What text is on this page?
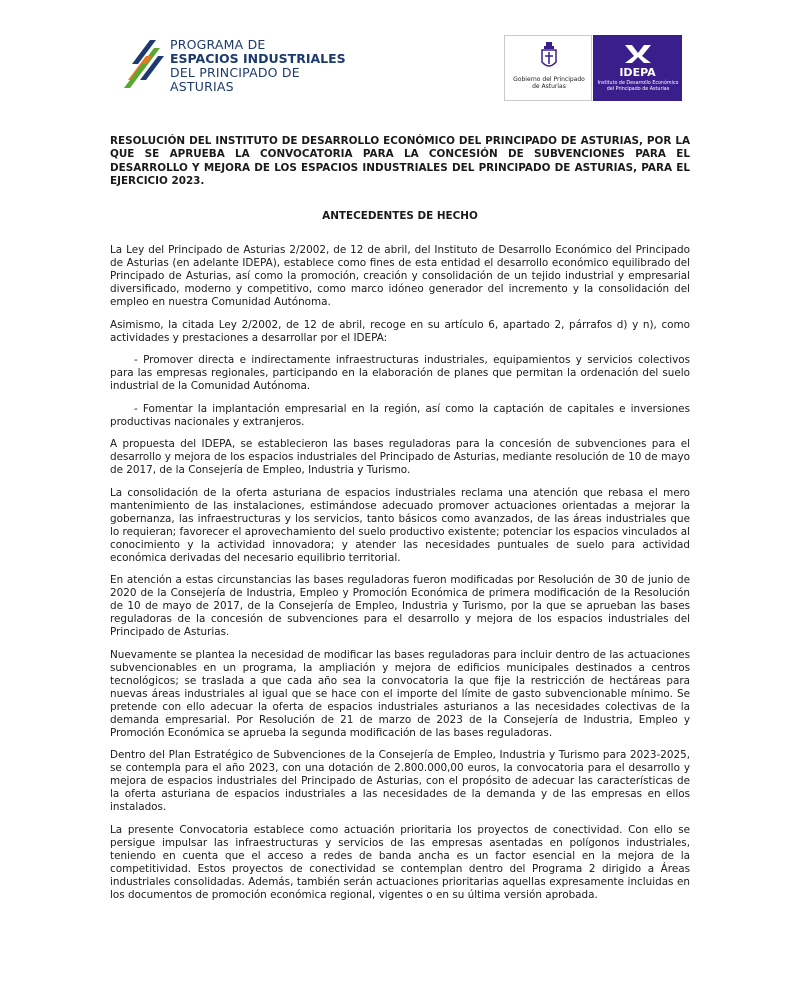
PROGRAMA DE
ESPACIOS INDUSTRIALES
DEL PRINCIPADO DE ASTURIAS	Gobierno del Principado de Asturias
IDEPA
Instituto de Desarrollo Económico del Principado de Asturias

RESOLUCIÓN DEL INSTITUTO DE DESARROLLO ECONÓMICO DEL PRINCIPADO DE ASTURIAS, POR LA QUE SE APRUEBA LA CONVOCATORIA PARA LA CONCESIÓN DE SUBVENCIONES PARA EL DESARROLLO Y MEJORA DE LOS ESPACIOS INDUSTRIALES DEL PRINCIPADO DE ASTURIAS, PARA EL EJERCICIO 2023.

ANTECEDENTES DE HECHO

La Ley del Principado de Asturias 2/2002, de 12 de abril, del Instituto de Desarrollo Económico del Principado de Asturias (en adelante IDEPA), establece como fines de esta entidad el desarrollo económico equilibrado del Principado de Asturias, así como la promoción, creación y consolidación de un tejido industrial y empresarial diversificado, moderno y competitivo, como marco idóneo generador del incremento y la consolidación del empleo en nuestra Comunidad Autónoma.

Asimismo, la citada Ley 2/2002, de 12 de abril, recoge en su artículo 6, apartado 2, párrafos d) y n), como actividades y prestaciones a desarrollar por el IDEPA:

- Promover directa e indirectamente infraestructuras industriales, equipamientos y servicios colectivos para las empresas regionales, participando en la elaboración de planes que permitan la ordenación del suelo industrial de la Comunidad Autónoma.

- Fomentar la implantación empresarial en la región, así como la captación de capitales e inversiones productivas nacionales y extranjeros.

A propuesta del IDEPA, se establecieron las bases reguladoras para la concesión de subvenciones para el desarrollo y mejora de los espacios industriales del Principado de Asturias, mediante resolución de 10 de mayo de 2017, de la Consejería de Empleo, Industria y Turismo.

La consolidación de la oferta asturiana de espacios industriales reclama una atención que rebasa el mero mantenimiento de las instalaciones, estimándose adecuado promover actuaciones orientadas a mejorar la gobernanza, las infraestructuras y los servicios, tanto básicos como avanzados, de las áreas industriales que lo requieran; favorecer el aprovechamiento del suelo productivo existente; potenciar los espacios vinculados al conocimiento y la actividad innovadora; y atender las necesidades puntuales de suelo para actividad económica derivadas del necesario equilibrio territorial.

En atención a estas circunstancias las bases reguladoras fueron modificadas por Resolución de 30 de junio de 2020 de la Consejería de Industria, Empleo y Promoción Económica de primera modificación de la Resolución de 10 de mayo de 2017, de la Consejería de Empleo, Industria y Turismo, por la que se aprueban las bases reguladoras de la concesión de subvenciones para el desarrollo y mejora de los espacios industriales del Principado de Asturias.

Nuevamente se plantea la necesidad de modificar las bases reguladoras para incluir dentro de las actuaciones subvencionables en un programa, la ampliación y mejora de edificios municipales destinados a centros tecnológicos; se traslada a que cada año sea la convocatoria la que fije la restricción de hectáreas para nuevas áreas industriales al igual que se hace con el importe del límite de gasto subvencionable mínimo. Se pretende con ello adecuar la oferta de espacios industriales asturianos a las necesidades colectivas de la demanda empresarial. Por Resolución de 21 de marzo de 2023 de la Consejería de Industria, Empleo y Promoción Económica se aprueba la segunda modificación de las bases reguladoras.

Dentro del Plan Estratégico de Subvenciones de la Consejería de Empleo, Industria y Turismo para 2023-2025, se contempla para el año 2023, con una dotación de 2.800.000,00 euros, la convocatoria para el desarrollo y mejora de espacios industriales del Principado de Asturias, con el propósito de adecuar las características de la oferta asturiana de espacios industriales a las necesidades de la demanda y de las empresas en ellos instalados.

La presente Convocatoria establece como actuación prioritaria los proyectos de conectividad. Con ello se persigue impulsar las infraestructuras y servicios de las empresas asentadas en polígonos industriales, teniendo en cuenta que el acceso a redes de banda ancha es un factor esencial en la mejora de la competitividad. Estos proyectos de conectividad se contemplan dentro del Programa 2 dirigido a Áreas industriales consolidadas. Además, también serán actuaciones prioritarias aquellas expresamente incluidas en los documentos de promoción económica regional, vigentes o en su última versión aprobada.
